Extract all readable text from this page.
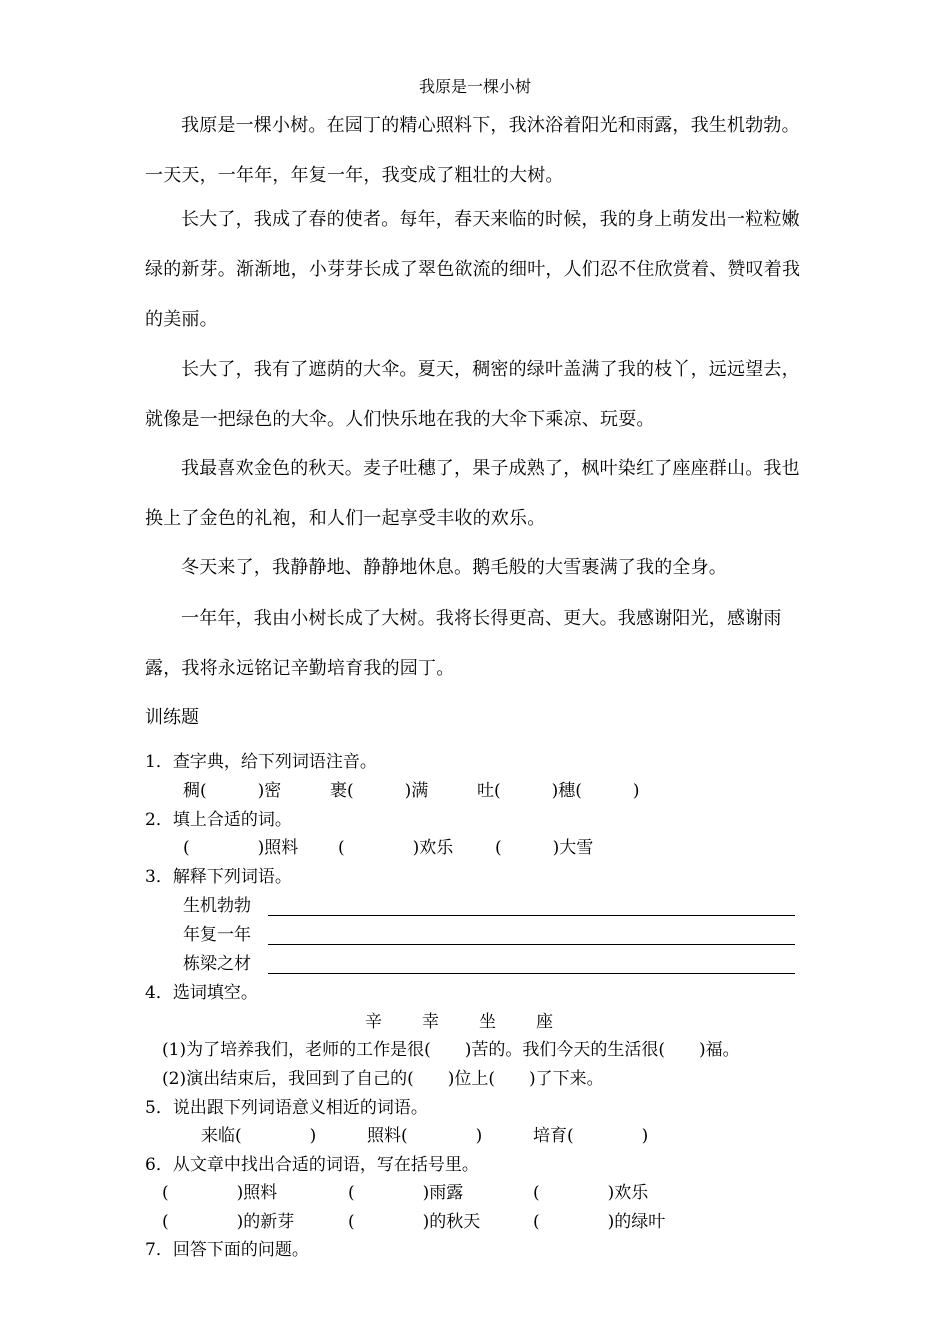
我原是一棵小树

我原是一棵小树。在园丁的精心照料下，我沐浴着阳光和雨露，我生机勃勃。一天天，一年年，年复一年，我变成了粗壮的大树。

长大了，我成了春的使者。每年，春天来临的时候，我的身上萌发出一粒粒嫩绿的新芽。渐渐地，小芽芽长成了翠色欲流的细叶，人们忍不住欣赏着、赞叹着我的美丽。

长大了，我有了遮荫的大伞。夏天，稠密的绿叶盖满了我的枝丫，远远望去，就像是一把绿色的大伞。人们快乐地在我的大伞下乘凉、玩耍。

我最喜欢金色的秋天。麦子吐穗了，果子成熟了，枫叶染红了座座群山。我也换上了金色的礼袍，和人们一起享受丰收的欢乐。

冬天来了，我静静地、静静地休息。鹅毛般的大雪裹满了我的全身。

一年年，我由小树长成了大树。我将长得更高、更大。我感谢阳光，感谢雨露，我将永远铭记辛勤培育我的园丁。

训练题
1．查字典，给下列词语注音。
稠(　　　)密	裹(　　　)满	吐(　　　)穗(　　　)
2．填上合适的词。
(　　　　)照料 (　　　　)欢乐 (　　　)大雪
3．解释下列词语。
生机勃勃
年复一年
栋梁之材
4．选词填空。
辛 幸 坐 座
(1)为了培养我们，老师的工作是很(　　)苦的。我们今天的生活很(　　)福。
(2)演出结束后，我回到了自己的(　　)位上(　　)了下来。
5．说出跟下列词语意义相近的词语。
来临(　　　　)	照料(　　　　)	培育(　　　　)
6．从文章中找出合适的词语，写在括号里。
(　　　　)照料	(　　　　)雨露	(　　　　)欢乐
(　　　　)的新芽	(　　　　)的秋天	(　　　　)的绿叶
7．回答下面的问题。
